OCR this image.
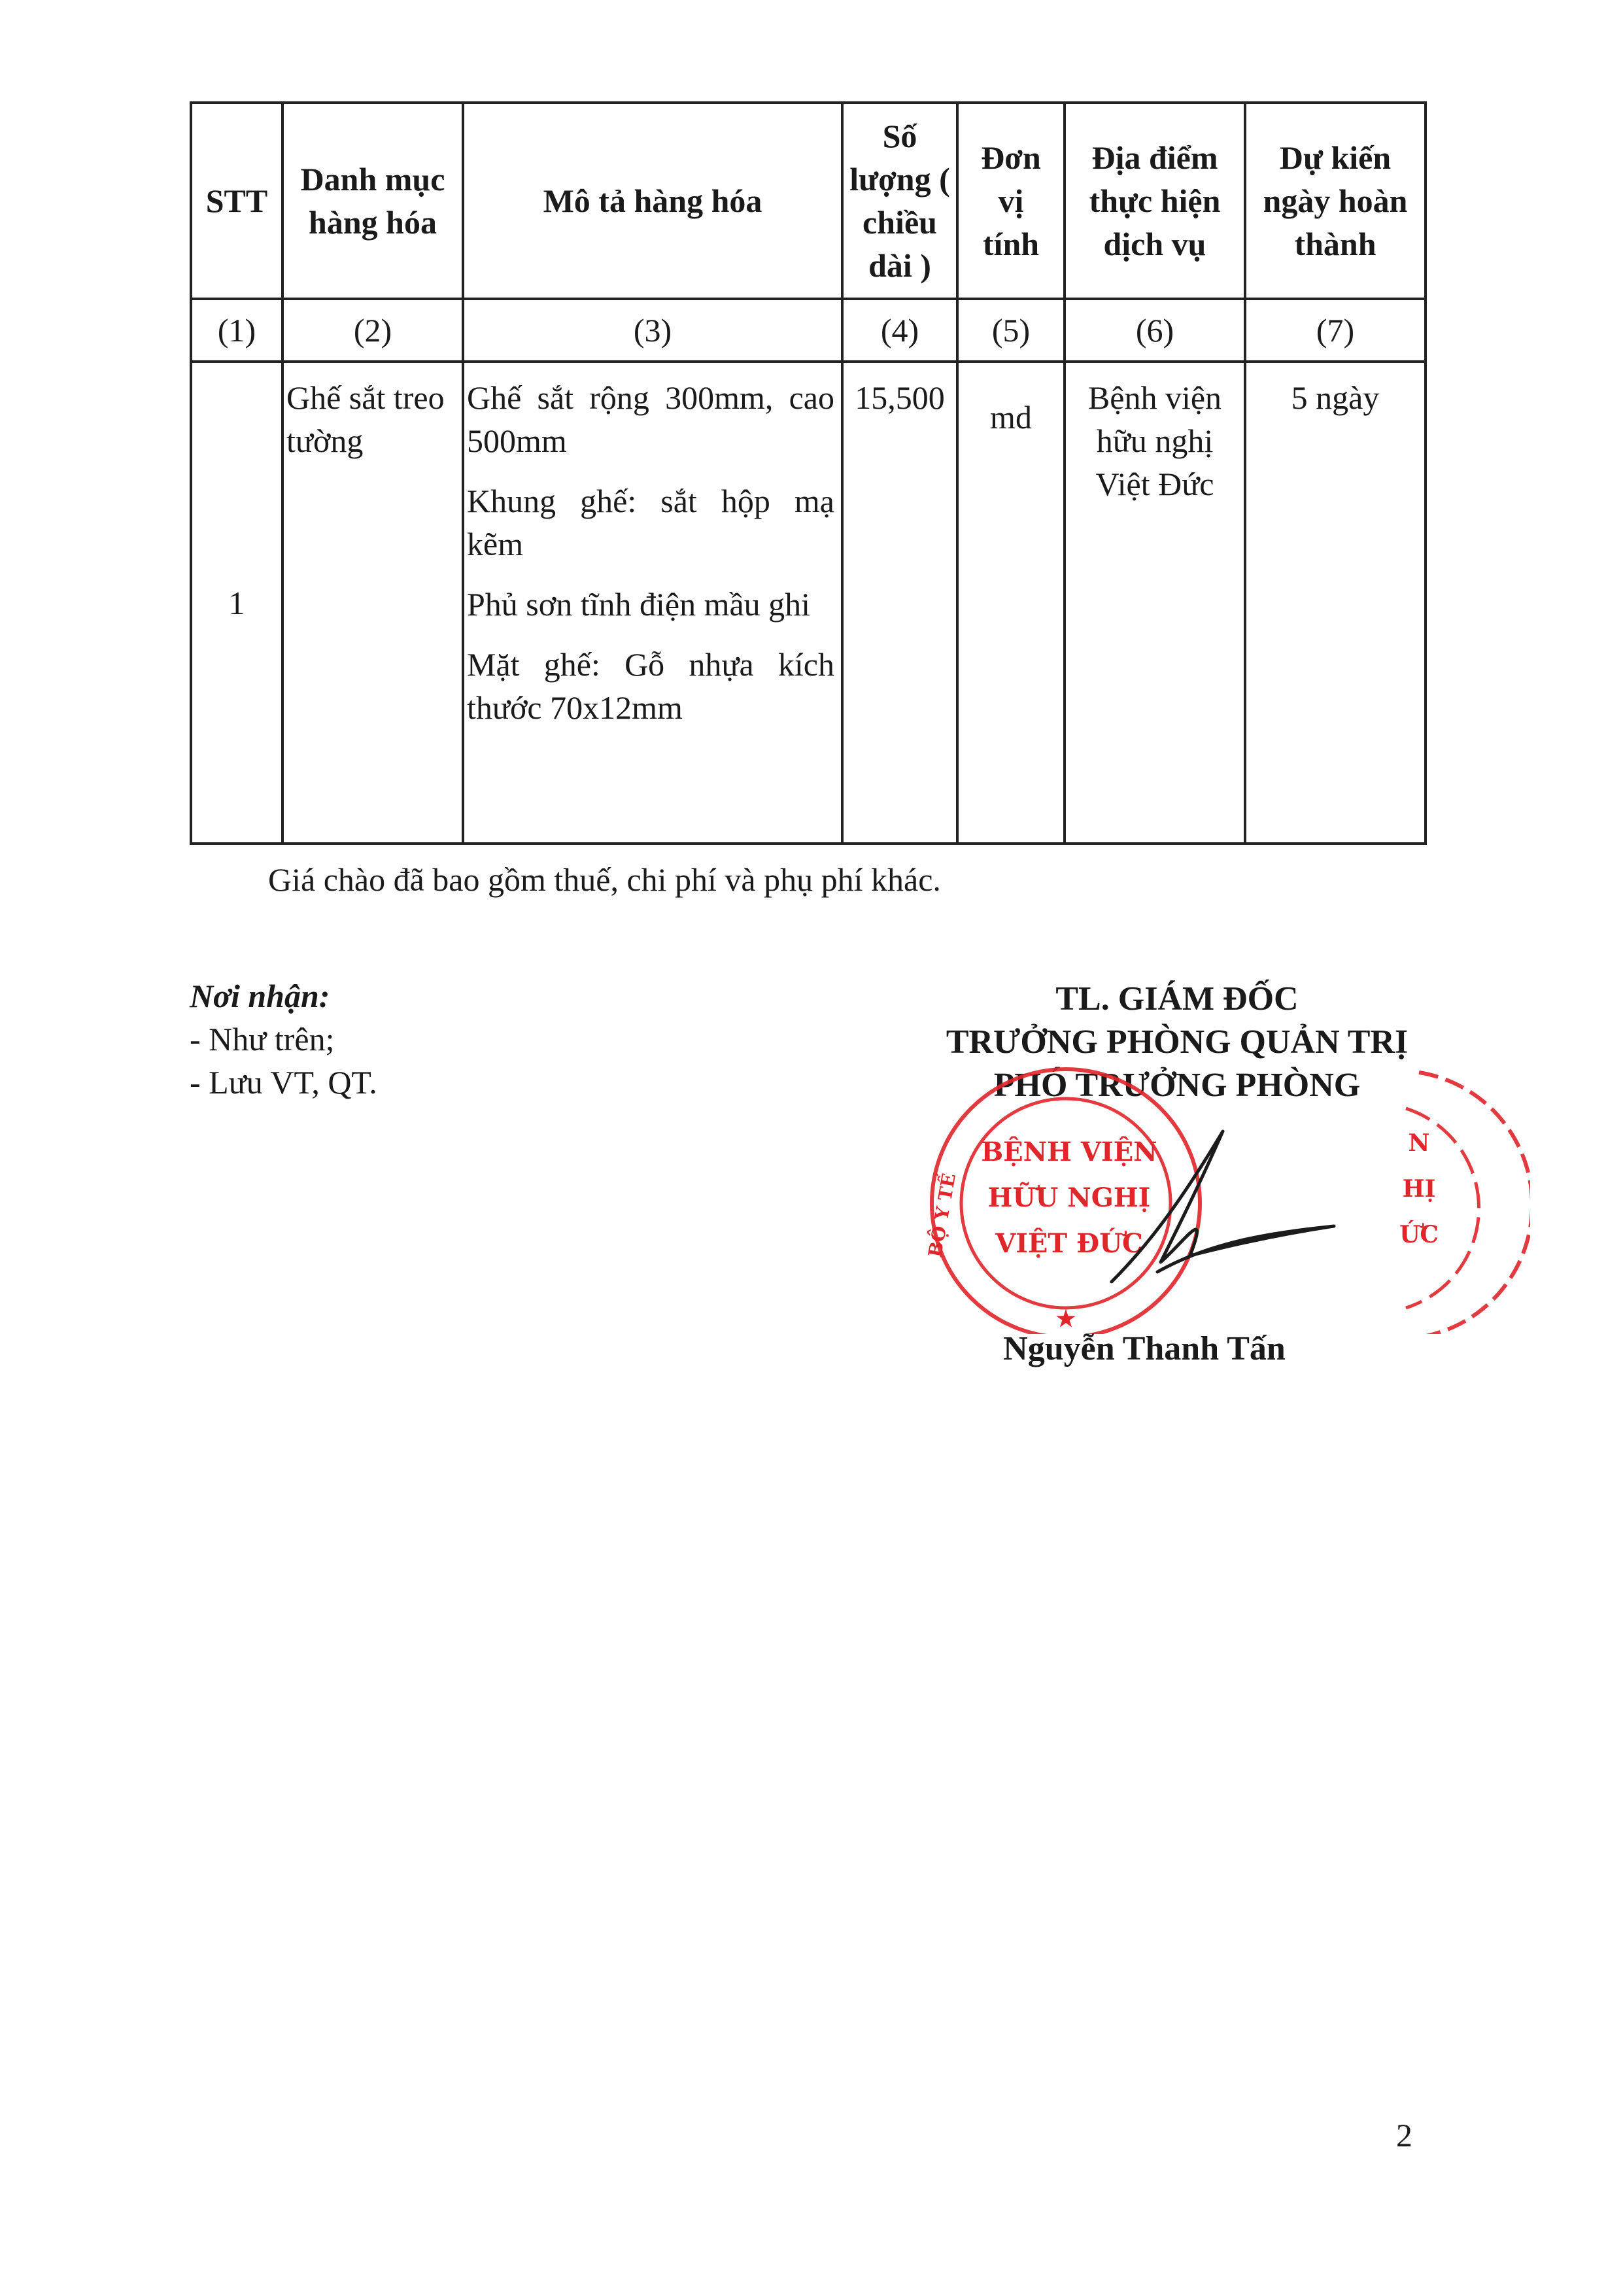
STT	Danh mục hàng hóa	Mô tả hàng hóa	Số lượng ( chiều dài )	Đơn vị tính	Địa điểm thực hiện dịch vụ	Dự kiến ngày hoàn thành
(1)	(2)	(3)	(4)	(5)	(6)	(7)
1	Ghế sắt treo tường	Ghế sắt rộng 300mm, cao 500mm

Khung ghế: sắt hộp mạ kẽm

Phủ sơn tĩnh điện mầu ghi

Mặt ghế: Gỗ nhựa kích thước 70x12mm	15,500	md	Bệnh viện hữu nghị Việt Đức	5 ngày
Giá chào đã bao gồm thuế, chi phí và phụ phí khác.
Nơi nhận:
- Như trên;
- Lưu VT, QT.
TL. GIÁM ĐỐC
TRƯỞNG PHÒNG QUẢN TRỊ
PHÓ TRƯỞNG PHÒNG
BỆNH VIỆN
HỮU NGHỊ
VIỆT ĐỨC
BỘ Y TẾ
★
N
HỊ
ỨC
Nguyễn Thanh Tấn
2
